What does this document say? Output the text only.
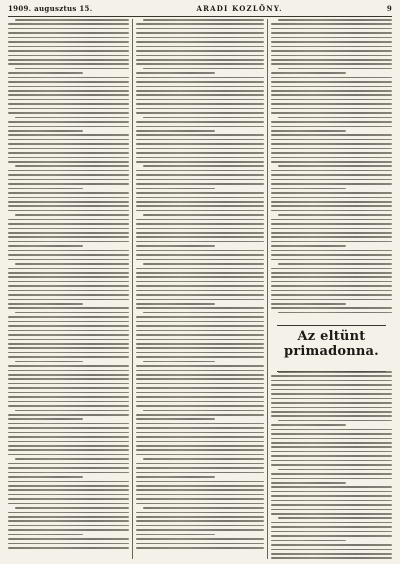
1909. augusztus 15.	ARADI KOZLÖNY.	9
Az eltünt primadonna.
